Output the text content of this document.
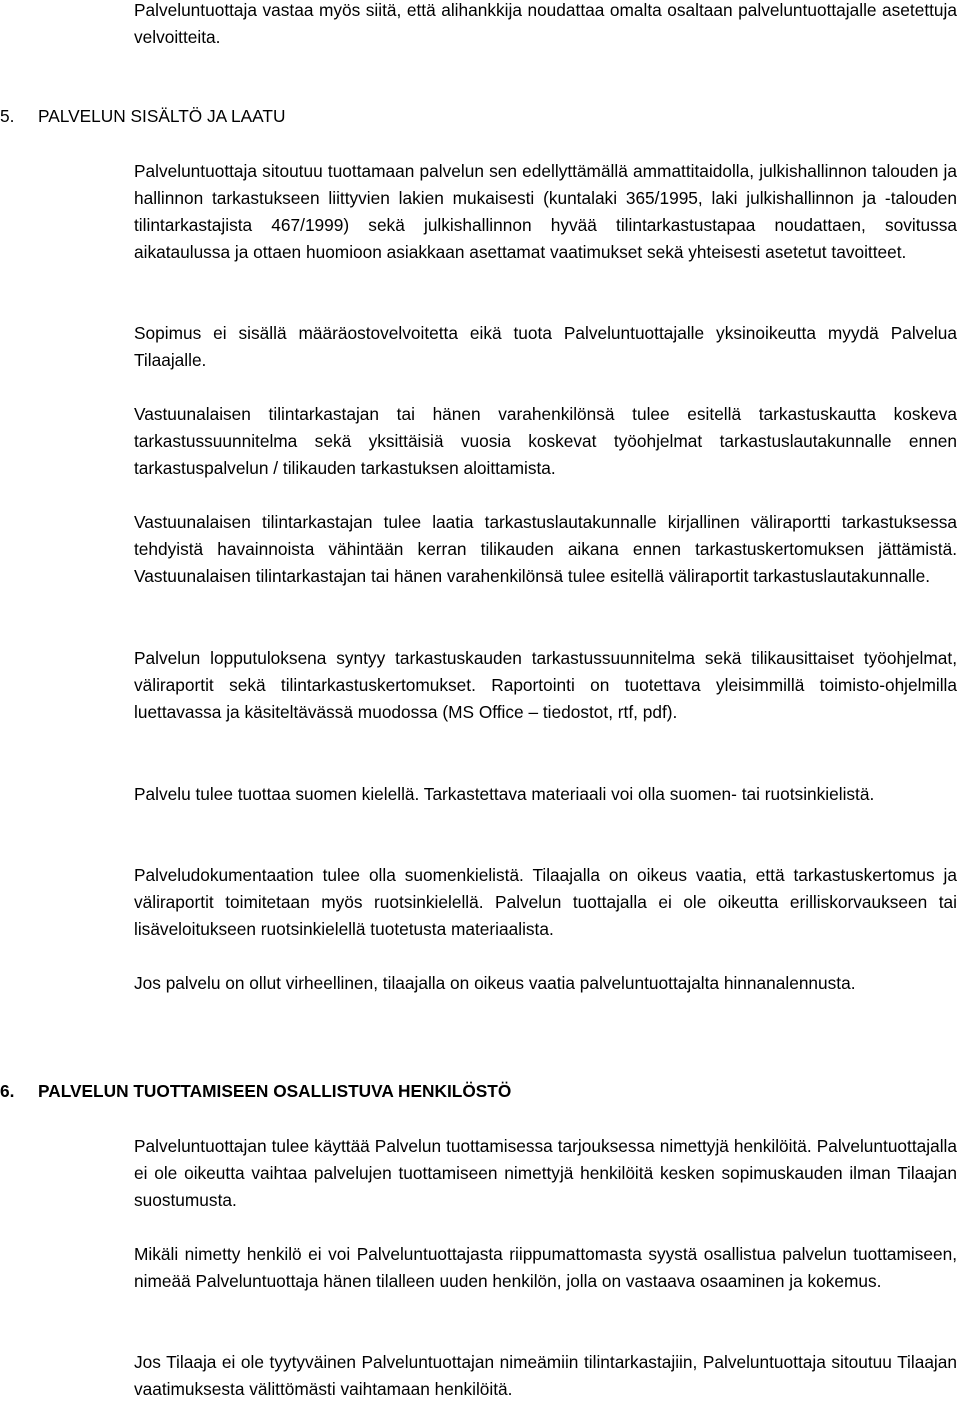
Palveluntuottaja vastaa myös siitä, että alihankkija noudattaa omalta osaltaan palveluntuottajalle asetettuja velvoitteita.

5. PALVELUN SISÄLTÖ JA LAATU

Palveluntuottaja sitoutuu tuottamaan palvelun sen edellyttämällä ammattitaidolla, julkishallinnon talouden ja hallinnon tarkastukseen liittyvien lakien mukaisesti (kuntalaki 365/1995, laki julkishallinnon ja -talouden tilintarkastajista 467/1999) sekä julkishallinnon hyvää tilintarkastustapaa noudattaen, sovitussa aikataulussa ja ottaen huomioon asiakkaan asettamat vaatimukset sekä yhteisesti asetetut tavoitteet.

Sopimus ei sisällä määräostovelvoitetta eikä tuota Palveluntuottajalle yksinoikeutta myydä Palvelua Tilaajalle.

Vastuunalaisen tilintarkastajan tai hänen varahenkilönsä tulee esitellä tarkastuskautta koskeva tarkastussuunnitelma sekä yksittäisiä vuosia koskevat työohjelmat tarkastuslautakunnalle ennen tarkastuspalvelun / tilikauden tarkastuksen aloittamista.

Vastuunalaisen tilintarkastajan tulee laatia tarkastuslautakunnalle kirjallinen väliraportti tarkastuksessa tehdyistä havainnoista vähintään kerran tilikauden aikana ennen tarkastuskertomuksen jättämistä. Vastuunalaisen tilintarkastajan tai hänen varahenkilönsä tulee esitellä väliraportit tarkastuslautakunnalle.

Palvelun lopputuloksena syntyy tarkastuskauden tarkastussuunnitelma sekä tilikausittaiset työohjelmat, väliraportit sekä tilintarkastuskertomukset. Raportointi on tuotettava yleisimmillä toimisto-ohjelmilla luettavassa ja käsiteltävässä muodossa (MS Office – tiedostot, rtf, pdf).

Palvelu tulee tuottaa suomen kielellä. Tarkastettava materiaali voi olla suomen- tai ruotsinkielistä.

Palveludokumentaation tulee olla suomenkielistä. Tilaajalla on oikeus vaatia, että tarkastuskertomus ja väliraportit toimitetaan myös ruotsinkielellä. Palvelun tuottajalla ei ole oikeutta erilliskorvaukseen tai lisäveloitukseen ruotsinkielellä tuotetusta materiaalista.

Jos palvelu on ollut virheellinen, tilaajalla on oikeus vaatia palveluntuottajalta hinnanalennusta.

6. PALVELUN TUOTTAMISEEN OSALLISTUVA HENKILÖSTÖ

Palveluntuottajan tulee käyttää Palvelun tuottamisessa tarjouksessa nimettyjä henkilöitä. Palveluntuottajalla ei ole oikeutta vaihtaa palvelujen tuottamiseen nimettyjä henkilöitä kesken sopimuskauden ilman Tilaajan suostumusta.

Mikäli nimetty henkilö ei voi Palveluntuottajasta riippumattomasta syystä osallistua palvelun tuottamiseen, nimeää Palveluntuottaja hänen tilalleen uuden henkilön, jolla on vastaava osaaminen ja kokemus.

Jos Tilaaja ei ole tyytyväinen Palveluntuottajan nimeämiin tilintarkastajiin, Palveluntuottaja sitoutuu Tilaajan vaatimuksesta välittömästi vaihtamaan henkilöitä.
